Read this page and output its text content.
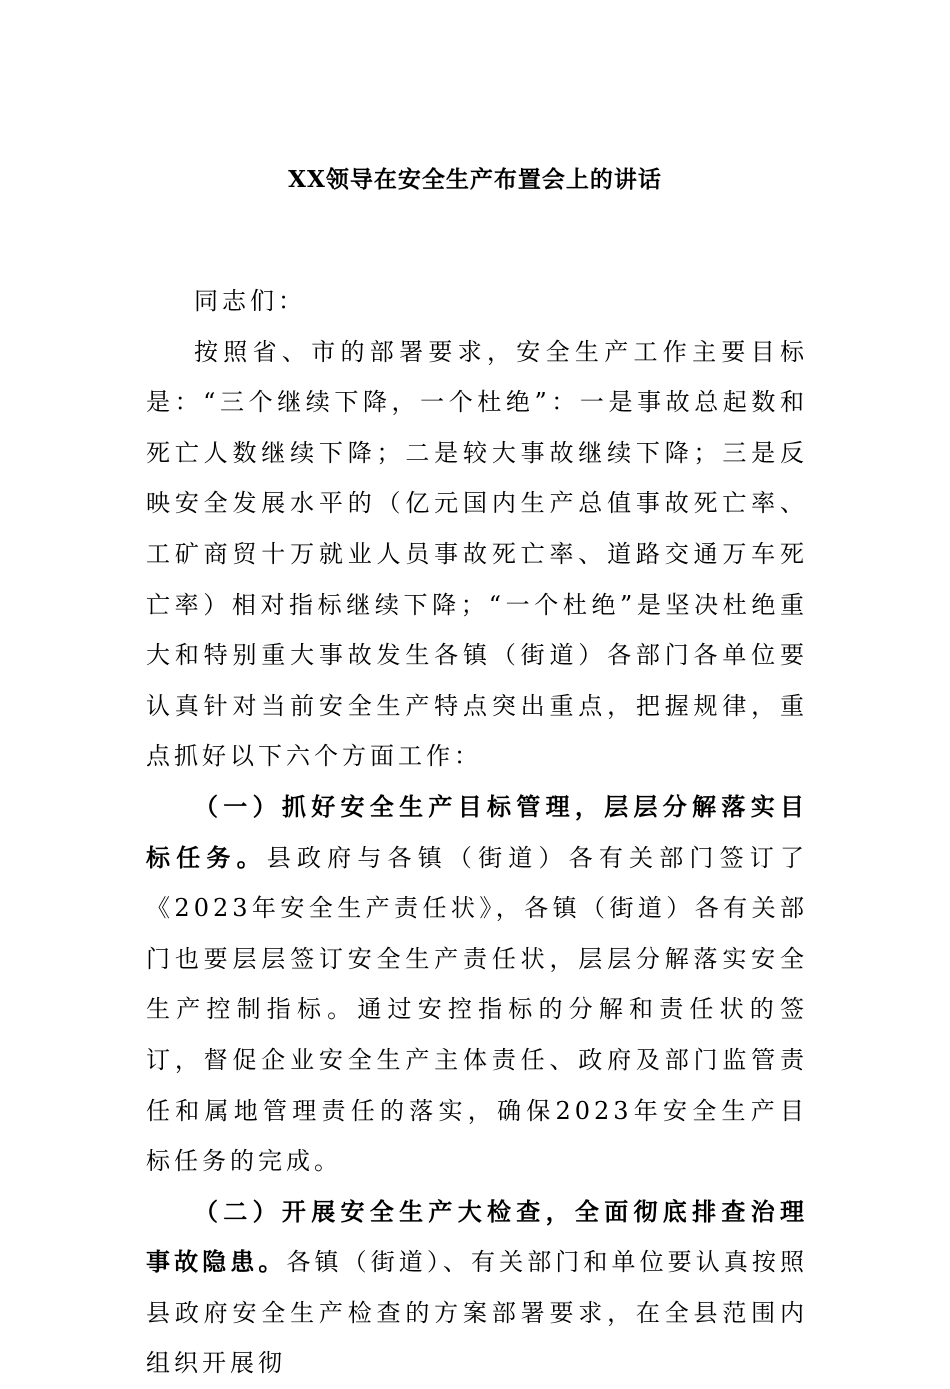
XX领导在安全生产布置会上的讲话

同志们：

按照省、市的部署要求，安全生产工作主要目标是：“三个继续下降，一个杜绝”：一是事故总起数和死亡人数继续下降；二是较大事故继续下降；三是反映安全发展水平的（亿元国内生产总值事故死亡率、工矿商贸十万就业人员事故死亡率、道路交通万车死亡率）相对指标继续下降；“一个杜绝”是坚决杜绝重大和特别重大事故发生各镇（街道）各部门各单位要认真针对当前安全生产特点突出重点，把握规律，重点抓好以下六个方面工作：

（一）抓好安全生产目标管理，层层分解落实目标任务。县政府与各镇（街道）各有关部门签订了《2023年安全生产责任状》，各镇（街道）各有关部门也要层层签订安全生产责任状，层层分解落实安全生产控制指标。通过安控指标的分解和责任状的签订，督促企业安全生产主体责任、政府及部门监管责任和属地管理责任的落实，确保2023年安全生产目标任务的完成。

（二）开展安全生产大检查，全面彻底排查治理事故隐患。各镇（街道）、有关部门和单位要认真按照县政府安全生产检查的方案部署要求，在全县范围内组织开展彻
